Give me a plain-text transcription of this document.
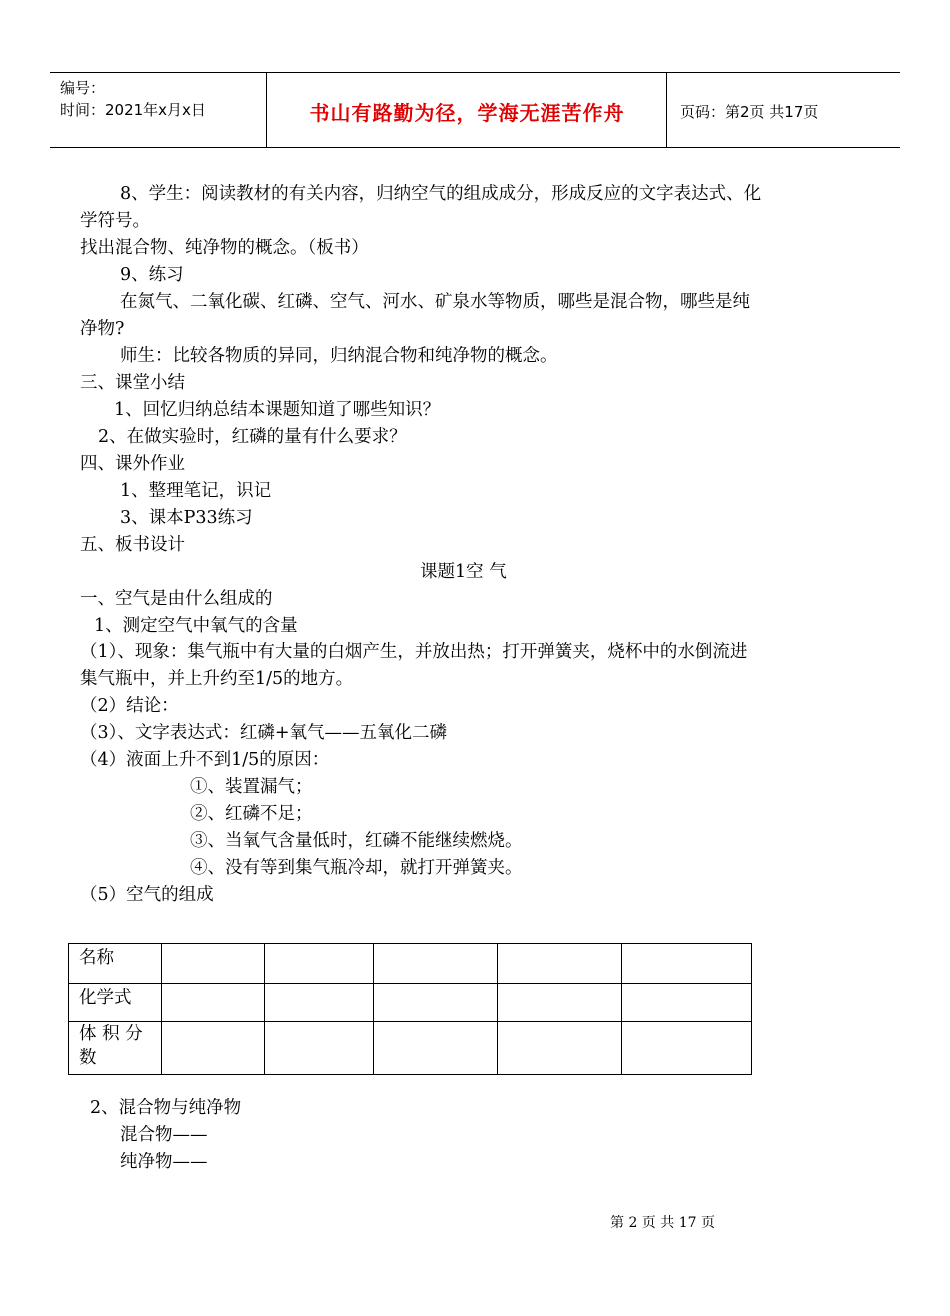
编号：
时间：2021年x月x日	书山有路勤为径，学海无涯苦作舟	页码：第2页 共17页
8、学生：阅读教材的有关内容，归纳空气的组成成分，形成反应的文字表达式、化
学符号。
找出混合物、纯净物的概念。（板书）
9、练习
在氮气、二氧化碳、红磷、空气、河水、矿泉水等物质，哪些是混合物，哪些是纯
净物?
师生：比较各物质的异同，归纳混合物和纯净物的概念。
三、课堂小结
1、回忆归纳总结本课题知道了哪些知识？
2、在做实验时，红磷的量有什么要求？
四、课外作业
1、整理笔记，识记
3、课本P33练习
五、板书设计
课题1空 气
一、空气是由什么组成的
1、测定空气中氧气的含量
（1）、现象：集气瓶中有大量的白烟产生，并放出热；打开弹簧夹，烧杯中的水倒流进
集气瓶中，并上升约至1/5的地方。
（2）结论：
（3）、文字表达式：红磷+氧气——五氧化二磷
（4）液面上升不到1/5的原因：
①、装置漏气；
②、红磷不足；
③、当氧气含量低时，红磷不能继续燃烧。
④、没有等到集气瓶冷却，就打开弹簧夹。
（5）空气的组成
名称					
化学式					
体 积 分 数					
2、混合物与纯净物
混合物——
纯净物——
第 2 页 共 17 页
